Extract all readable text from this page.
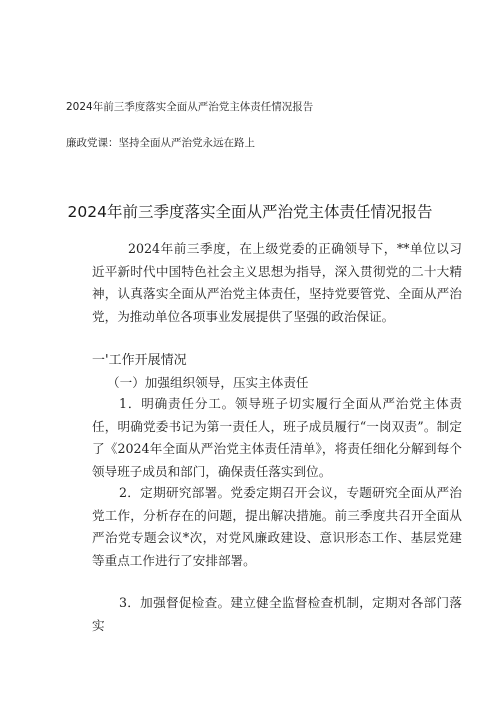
2024年前三季度落实全面从严治党主体责任情况报告
廉政党课：坚持全面从严治党永远在路上
2024年前三季度落实全面从严治党主体责任情况报告

2024年前三季度，在上级党委的正确领导下，**单位以习近平新时代中国特色社会主义思想为指导，深入贯彻党的二十大精神，认真落实全面从严治党主体责任，坚持党要管党、全面从严治党，为推动单位各项事业发展提供了坚强的政治保证。

一'工作开展情况
（一）加强组织领导，压实主体责任

1．明确责任分工。领导班子切实履行全面从严治党主体责任，明确党委书记为第一责任人，班子成员履行“一岗双责”。制定了《2024年全面从严治党主体责任清单》，将责任细化分解到每个领导班子成员和部门，确保责任落实到位。

2．定期研究部署。党委定期召开会议，专题研究全面从严治党工作，分析存在的问题，提出解决措施。前三季度共召开全面从严治党专题会议*次，对党风廉政建设、意识形态工作、基层党建等重点工作进行了安排部署。

3．加强督促检查。建立健全监督检查机制，定期对各部门落实
